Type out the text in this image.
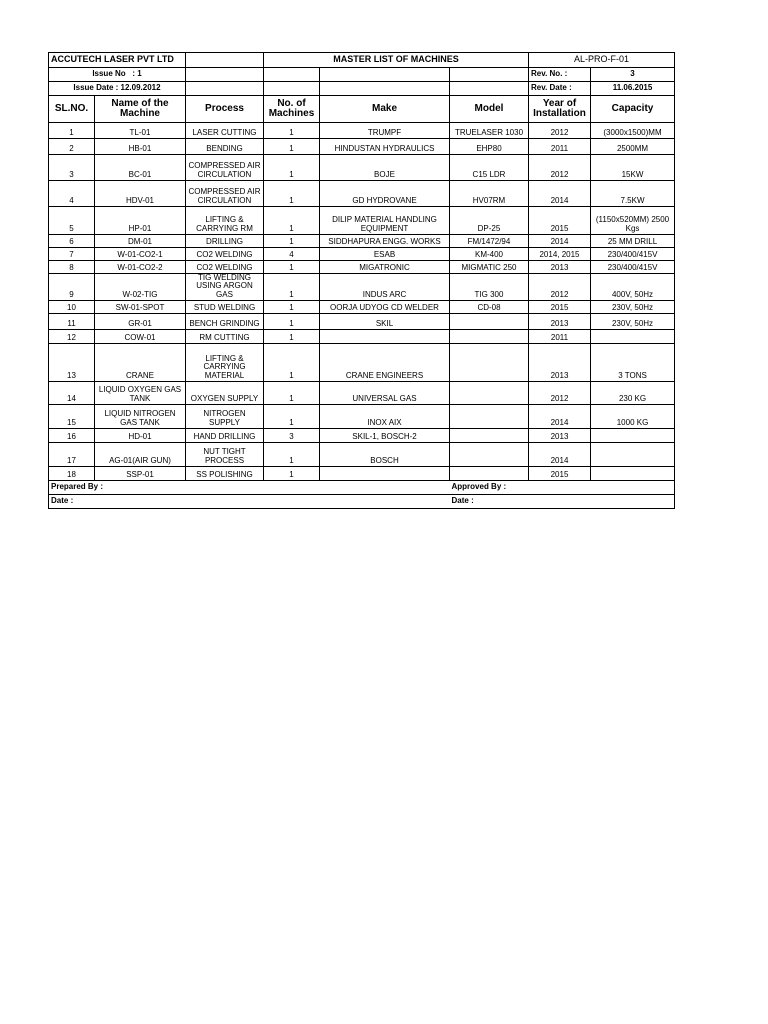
ACCUTECH LASER PVT LTD			MASTER LIST OF MACHINES			AL-PRO-F-01	
Issue No : 1						Rev. No. :	3
Issue Date : 12.09.2012						Rev. Date :	11.06.2015
SL.NO.	Name of the Machine	Process	No. of Machines	Make	Model	Year of Installation	Capacity
1	TL-01	LASER CUTTING	1	TRUMPF	TRUELASER 1030	2012	(3000x1500)MM
2	HB-01	BENDING	1	HINDUSTAN HYDRAULICS	EHP80	2011	2500MM
3	BC-01	COMPRESSED AIR CIRCULATION	1	BOJE	C15 LDR	2012	15KW
4	HDV-01	COMPRESSED AIR CIRCULATION	1	GD HYDROVANE	HV07RM	2014	7.5KW
5	HP-01	LIFTING & CARRYING RM	1	DILIP MATERIAL HANDLING EQUIPMENT	DP-25	2015	(1150x520MM) 2500 Kgs
6	DM-01	DRILLING	1	SIDDHAPURA ENGG. WORKS	FM/1472/94	2014	25 MM DRILL
7	W-01-CO2-1	CO2 WELDING	4	ESAB	KM-400	2014, 2015	230/400/415V
8	W-01-CO2-2	CO2 WELDING	1	MIGATRONIC	MIGMATIC 250	2013	230/400/415V
9	W-02-TIG	TIG WELDING USING ARGON GAS	1	INDUS ARC	TIG 300	2012	400V, 50Hz
10	SW-01-SPOT	STUD WELDING	1	OORJA UDYOG CD WELDER	CD-08	2015	230V, 50Hz
11	GR-01	BENCH GRINDING	1	SKIL		2013	230V, 50Hz
12	COW-01	RM CUTTING	1			2011	
13	CRANE	LIFTING & CARRYING MATERIAL	1	CRANE ENGINEERS		2013	3 TONS
14	LIQUID OXYGEN GAS TANK	OXYGEN SUPPLY	1	UNIVERSAL GAS		2012	230 KG
15	LIQUID NITROGEN GAS TANK	NITROGEN SUPPLY	1	INOX AIX		2014	1000 KG
16	HD-01	HAND DRILLING	3	SKIL-1, BOSCH-2		2013	
17	AG-01(AIR GUN)	NUT TIGHT PROCESS	1	BOSCH		2014	
18	SSP-01	SS POLISHING	1			2015	
Prepared By :					Approved By :		
Date :					Date :		
